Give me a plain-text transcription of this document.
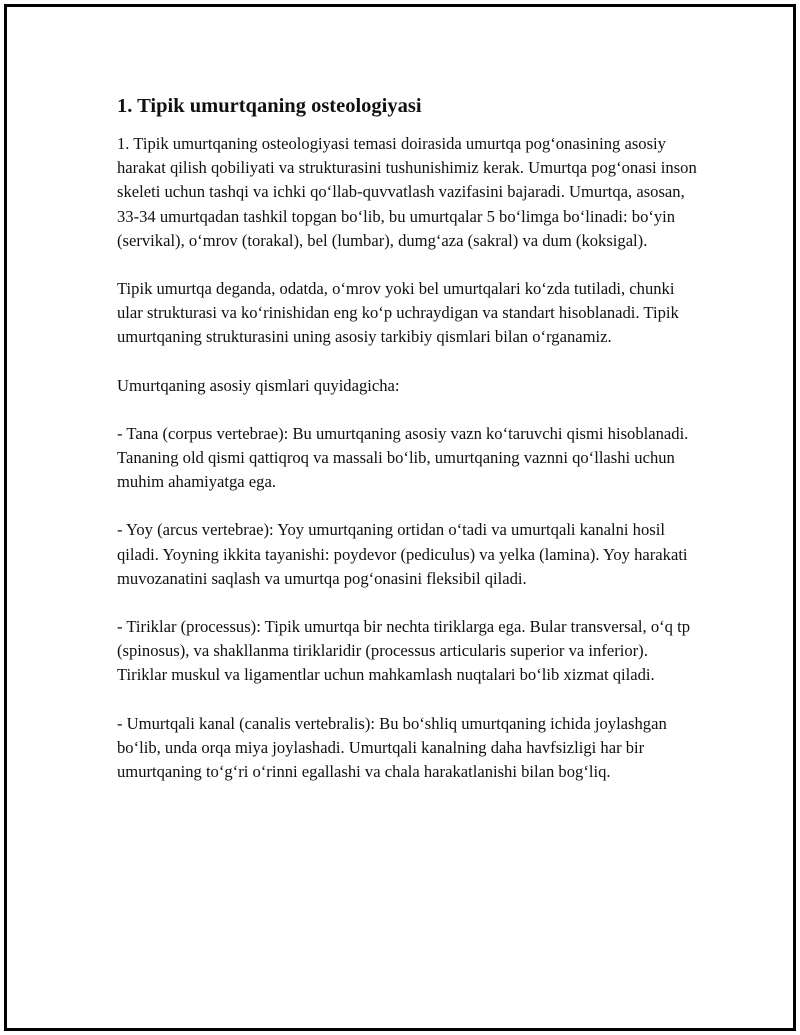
1. Tipik umurtqaning osteologiyasi

1. Tipik umurtqaning osteologiyasi temasi doirasida umurtqa pog‘onasining asosiy harakat qilish qobiliyati va strukturasini tushunishimiz kerak. Umurtqa pog‘onasi inson skeleti uchun tashqi va ichki qo‘llab-quvvatlash vazifasini bajaradi. Umurtqa, asosan, 33-34 umurtqadan tashkil topgan bo‘lib, bu umurtqalar 5 bo‘limga bo‘linadi: bo‘yin (servikal), o‘mrov (torakal), bel (lumbar), dumg‘aza (sakral) va dum (koksigal).

Tipik umurtqa deganda, odatda, o‘mrov yoki bel umurtqalari ko‘zda tutiladi, chunki ular strukturasi va ko‘rinishidan eng ko‘p uchraydigan va standart hisoblanadi. Tipik umurtqaning strukturasini uning asosiy tarkibiy qismlari bilan o‘rganamiz.

Umurtqaning asosiy qismlari quyidagicha:

- Tana (corpus vertebrae): Bu umurtqaning asosiy vazn ko‘taruvchi qismi hisoblanadi. Tananing old qismi qattiqroq va massali bo‘lib, umurtqaning vaznni qo‘llashi uchun muhim ahamiyatga ega.

- Yoy (arcus vertebrae): Yoy umurtqaning ortidan o‘tadi va umurtqali kanalni hosil qiladi. Yoyning ikkita tayanishi: poydevor (pediculus) va yelka (lamina). Yoy harakati muvozanatini saqlash va umurtqa pog‘onasini fleksibil qiladi.

- Tiriklar (processus): Tipik umurtqa bir nechta tiriklarga ega. Bular transversal, o‘q tp (spinosus), va shakllanma tiriklaridir (processus articularis superior va inferior). Tiriklar muskul va ligamentlar uchun mahkamlash nuqtalari bo‘lib xizmat qiladi.

- Umurtqali kanal (canalis vertebralis): Bu bo‘shliq umurtqaning ichida joylashgan bo‘lib, unda orqa miya joylashadi. Umurtqali kanalning daha havfsizligi har bir umurtqaning to‘g‘ri o‘rinni egallashi va chala harakatlanishi bilan bog‘liq.
